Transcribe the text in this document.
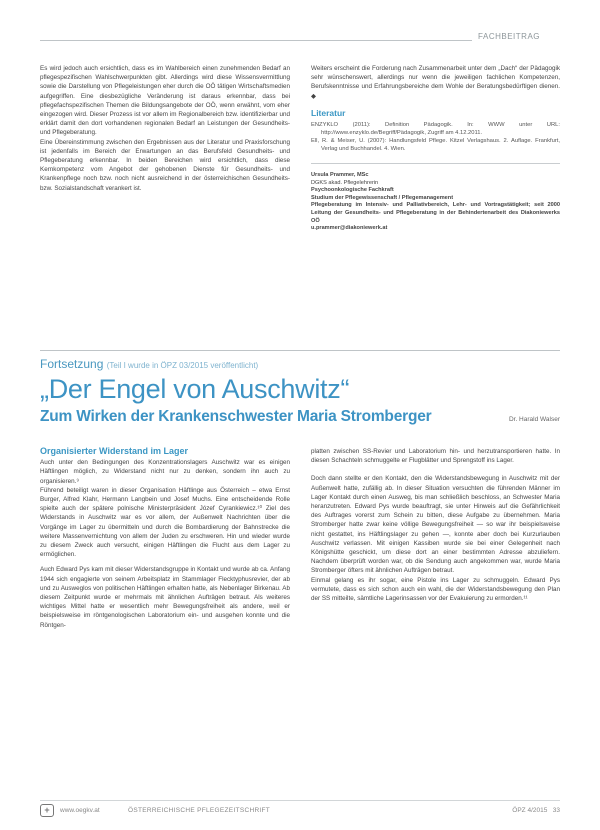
FACHBEITRAG

Es wird jedoch auch ersichtlich, dass es im Wahlbereich einen zunehmenden Bedarf an pflegespezifischen Wahlschwerpunkten gibt. Allerdings wird diese Wissensvermittlung sowie die Darstellung von Pflegeleistungen eher durch die OÖ tätigen Wirtschaftsmedien aufgegriffen. Eine diesbezügliche Veränderung ist daraus erkennbar, dass bei pflegefachspezifischen Themen die Bildungsangebote der OÖ, wenn erwähnt, vom eher eingezogen wird. Dieser Prozess ist vor allem im Regionalbereich bzw. identifizierbar und erklärt damit den dort vorhandenen regionalen Bedarf an Leistungen der Gesundheits- und Pflegeberatung.

Eine Übereinstimmung zwischen den Ergebnissen aus der Literatur und Praxisforschung ist jedenfalls im Bereich der Erwartungen an das Berufsfeld Gesundheits- und Pflegeberatung erkennbar. In beiden Bereichen wird ersichtlich, dass diese Kernkompetenz vom Angebot der gehobenen Dienste für Gesundheits- und Krankenpflege noch bzw. noch nicht ausreichend in der österreichischen Gesundheits- bzw. Sozialstandschaft verankert ist.

Weiters erscheint die Forderung nach Zusammenarbeit unter dem „Dach“ der Pädagogik sehr wünschenswert, allerdings nur wenn die jeweiligen fachlichen Kompetenzen, Berufskenntnisse und Erfahrungsbereiche dem Wohle der Beratungsbedürftigen dienen. ◆

Literatur
ENZYKLO (2011): Definition Pädagogik. In: WWW unter URL: http://www.enzyklo.de/Begriff/Pädagogik, Zugriff am 4.12.2011.
Ell, R. & Meiser, U. (2007): Handlungsfeld Pflege. Kitzel Verlagshaus. 2. Auflage. Frankfurt, Verlag und Buchhandel. 4. Wien.
Ursula Prammer, MSc
DGKS akad. Pflegelehrerin
Psychoonkologische Fachkraft
Studium der Pflegewissenschaft / Pflegemanagement
Pflegeberatung im Intensiv- und Palliativbereich, Lehr- und Vortragstätigkeit; seit 2000 Leitung der Gesundheits- und Pflegeberatung in der Behindertenarbeit des Diakoniewerks OÖ
u.prammer@diakoniewerk.at
Fortsetzung (Teil I wurde in ÖPZ 03/2015 veröffentlicht)
„Der Engel von Auschwitz“
Zum Wirken der Krankenschwester Maria Stromberger	Dr. Harald Walser
Organisierter Widerstand im Lager

Auch unter den Bedingungen des Konzentrationslagers Auschwitz war es einigen Häftlingen möglich, zu Widerstand nicht nur zu denken, sondern ihn auch zu organisieren.⁹

Führend beteiligt waren in dieser Organisation Häftlinge aus Österreich – etwa Ernst Burger, Alfred Klahr, Hermann Langbein und Josef Muchs. Eine entscheidende Rolle spielte auch der spätere polnische Ministerpräsident Józef Cyrankiewicz.¹⁰ Ziel des Widerstands in Auschwitz war es vor allem, der Außenwelt Nachrichten über die Vorgänge im Lager zu übermitteln und durch die Bombardierung der Bahnstrecke die weitere Massenvernichtung von allem der Juden zu erschweren. Hin und wieder wurde zu diesem Zweck auch versucht, einigen Häftlingen die Flucht aus dem Lager zu ermöglichen.

Auch Edward Pys kam mit dieser Widerstandsgruppe in Kontakt und wurde ab ca. Anfang 1944 sich engagierte von seinem Arbeitsplatz im Stammlager Flecktyphusrevier, der ab und zu Ausweglos von politischen Häftlingen erhalten hatte, als Nebenlager Birkenau. Ab diesem Zeitpunkt wurde er mehrmals mit ähnlichen Aufträgen betraut. Als weiteres wichtiges Mittel hatte er wesentlich mehr Bewegungsfreiheit als andere, weil er beispielsweise im röntgenologischen Laboratorium ein- und ausgehen konnte und die Röntgen-

platten zwischen SS-Revier und Laboratorium hin- und herzutransportieren hatte. In diesen Schachteln schmuggelte er Flugblätter und Sprengstoff ins Lager.

Doch dann stellte er den Kontakt, den die Widerstandsbewegung in Auschwitz mit der Außenwelt hatte, zufällig ab. In dieser Situation versuchten die führenden Männer im Lager Kontakt durch einen Ausweg, bis man schließlich beschloss, an Schwester Maria heranzutreten. Edward Pys wurde beauftragt, sie unter Hinweis auf die Gefährlichkeit des Auftrages vorerst zum Schein zu bitten, diese Aufgabe zu übernehmen. Maria Stromberger hatte zwar keine völlige Bewegungsfreiheit — so war ihr beispielsweise nicht gestattet, ins Häftlingslager zu gehen —, konnte aber doch bei Kurzurlauben Auschwitz verlassen. Mit einigen Kassiben wurde sie bei einer Gelegenheit nach Königshütte geschickt, um diese dort an einer bestimmten Adresse abzuliefern. Nachdem überprüft worden war, ob die Sendung auch angekommen war, wurde Maria Stromberger öfters mit ähnlichen Aufträgen betraut.

Einmal gelang es ihr sogar, eine Pistole ins Lager zu schmuggeln. Edward Pys vermutete, dass es sich schon auch ein wahl, die der Widerstandsbewegung den Plan der SS mitteilte, sämtliche Lagerinsassen vor der Evakuierung zu ermorden.¹¹

+	www.oegkv.at	ÖSTERREICHISCHE PFLEGEZEITSCHRIFT	ÖPZ 4/2015 33
